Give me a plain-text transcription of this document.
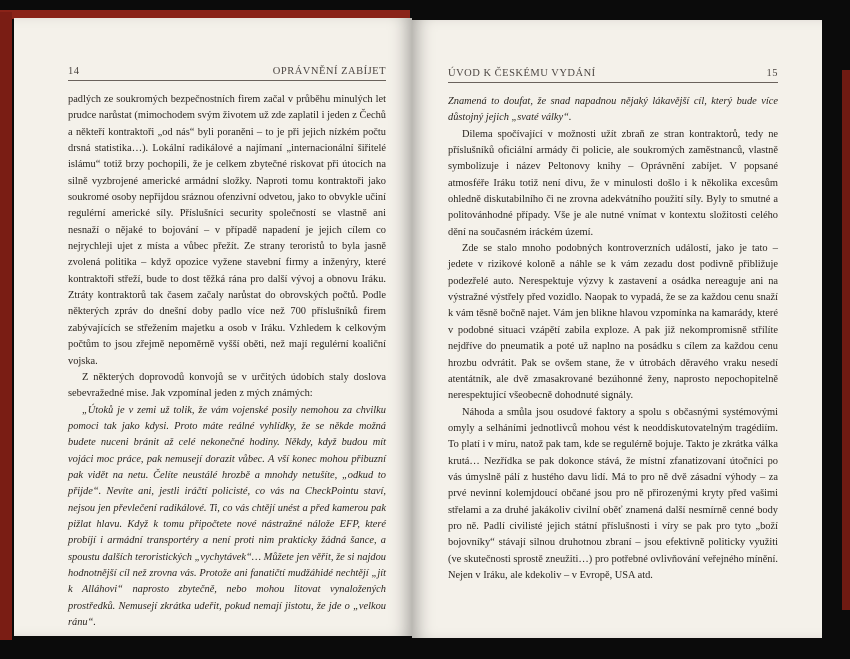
14	OPRÁVNĚNÍ ZABÍJET

padlých ze soukromých bezpečnostních firem začal v průběhu minulých let prudce narůstat (mimochodem svým životem už zde zaplatil i jeden z Čechů a někteří kontraktoři „od nás“ byli poraněni – to je při jejich nízkém počtu drsná statistika…). Lokální radikálové a najímaní „internacionální šiřitelé islámu“ totiž brzy pochopili, že je celkem zbytečné riskovat při útocích na silně vyzbrojené americké armádní složky. Naproti tomu kontraktoři jako soukromé osoby nepřijdou sráznou ofenzivní odvetou, jako to obvykle učiní regulérní americké síly. Příslušníci security společností se vlastně ani nesnaží o nějaké to bojování – v případě napadení je jejich cílem co nejrychleji ujet z místa a vůbec přežít. Ze strany teroristů to byla jasně zvolená politika – když opozice vyžene stavební firmy a inženýry, které kontraktoři střeží, bude to dost těžká rána pro další vývoj a obnovu Iráku. Ztráty kontraktorů tak časem začaly narůstat do obrovských počtů. Podle některých zpráv do dnešní doby padlo více než 700 příslušníků firem zabývajících se střežením majetku a osob v Iráku. Vzhledem k celkovým počtům to jsou zřejmě nepoměrně vyšší oběti, než mají regulérní koaliční vojska.

Z některých doprovodů konvojů se v určitých údobích staly doslova sebevražedné mise. Jak vzpomínal jeden z mých známých:

„Útoků je v zemi už tolik, že vám vojenské posily nemohou za chvilku pomoci tak jako kdysi. Proto máte reálné vyhlídky, že se někde možná budete nuceni bránit až celé nekonečné hodiny. Někdy, když budou mít vojáci moc práce, pak nemusejí dorazit vůbec. A vší konec mohou přibuzní pak vidět na netu. Čelíte neustálé hrozbě a mnohdy netušíte, „odkud to přijde“. Nevíte ani, jestli iráčtí policisté, co vás na CheckPointu staví, nejsou jen převlečení radikálové. Ti, co vás chtějí unést a před kamerou pak pižlat hlavu. Když k tomu připočtete nové nástražné nálože EFP, které probíjí i armádní transportéry a není proti nim prakticky žádná šance, a spoustu dalších teroristických „vychytávek“… Můžete jen věřit, že si najdou hodnotnější cíl než zrovna vás. Protože ani fanatičtí mudžáhidé nechtějí „jít k Alláhovi“ naprosto zbytečně, nebo mohou litovat vynaložených prostředků. Nemusejí zkrátka udeřit, pokud nemají jistotu, že jde o „velkou ránu“.

ÚVOD K ČESKÉMU VYDÁNÍ	15

Znamená to doufat, že snad napadnou nějaký lákavější cíl, který bude více důstojný jejich „svaté války“.

Dilema spočívající v možnosti užít zbraň ze stran kontraktorů, tedy ne příslušníků oficiální armády či policie, ale soukromých zaměstnanců, vlastně symbolizuje i název Peltonovy knihy – Oprávnění zabíjet. V popsané atmosféře Iráku totiž není divu, že v minulosti došlo i k několika excesům ohledně diskutabilního či ne zrovna adekvátního použití síly. Byly to smutné a politovánhodné případy. Vše je ale nutné vnímat v kontextu složitosti celého dění na současném iráckém území.

Zde se stalo mnoho podobných kontroverzních událostí, jako je tato – jedete v rizikové koloně a náhle se k vám zezadu dost podivně přibližuje podezřelé auto. Nerespektuje výzvy k zastavení a osádka nereaguje ani na výstražné výstřely před vozidlo. Naopak to vypadá, že se za každou cenu snaží k vám těsně bočně najet. Vám jen blikne hlavou vzpomínka na kamarády, které v podobné situaci vzápětí zabila exploze. A pak již nekompromisně střílíte nejdříve do pneumatik a poté už naplno na posádku s cílem za každou cenu hrozbu odvrátit. Pak se ovšem stane, že v útrobách děravého vraku nesedí atentátník, ale dvě zmasakrované bezúhonné ženy, naprosto nepochopitelně nerespektující všeobecně dohodnuté signály.

Náhoda a smůla jsou osudové faktory a spolu s občasnými systémovými omyly a selháními jednotlivců mohou vést k neoddiskutovatelným tragédiím. To platí i v míru, natož pak tam, kde se regulérně bojuje. Takto je zkrátka válka krutá… Nezřídka se pak dokonce stává, že místní zfanatizovaní útočníci po vás úmyslně pálí z hustého davu lidí. Má to pro ně dvě zásadní výhody – za prvé nevinní kolemjdoucí občané jsou pro ně přirozenými kryty před vašimi střelami a za druhé jakákoliv civilní oběť znamená další nesmírně cenné body pro ně. Padlí civilisté jejich státní příslušnosti i víry se pak pro tyto „boží bojovníky“ stávají silnou druhotnou zbraní – jsou efektivně politicky využiti (ve skutečnosti sprostě zneužiti…) pro potřebné ovlivňování veřejného mínění. Nejen v Iráku, ale kdekoliv – v Evropě, USA atd.
